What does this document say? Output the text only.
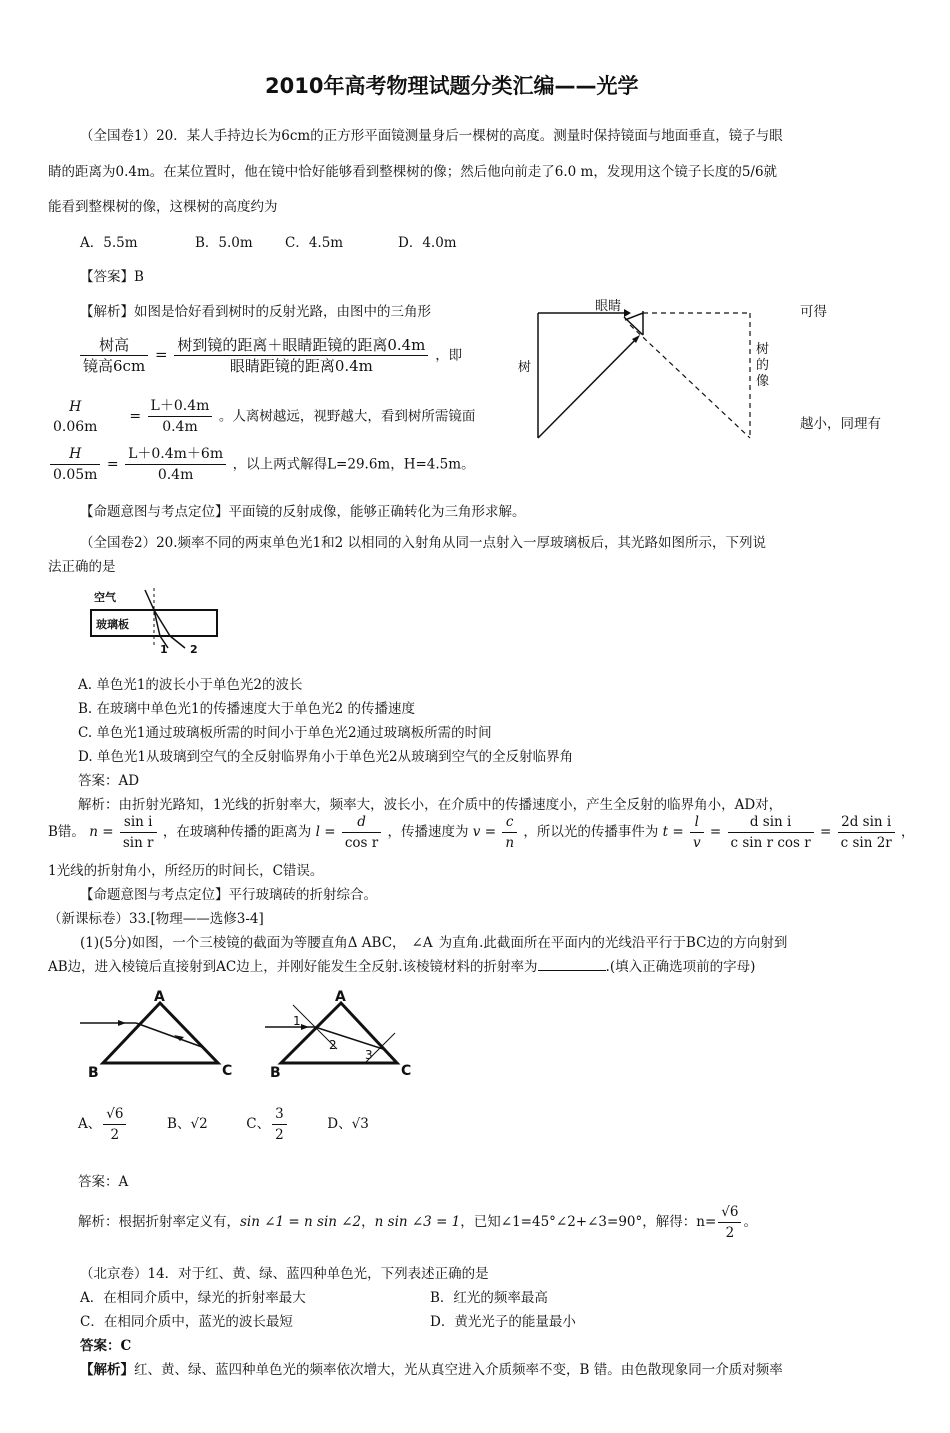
2010年高考物理试题分类汇编——光学
（全国卷1）20．某人手持边长为6cm的正方形平面镜测量身后一棵树的高度。测量时保持镜面与地面垂直，镜子与眼
睛的距离为0.4m。在某位置时，他在镜中恰好能够看到整棵树的像；然后他向前走了6.0 m，发现用这个镜子长度的5/6就
能看到整棵树的像，这棵树的高度约为
A．5.5m	B．5.0m C．4.5m	D．4.0m
【答案】B
【解析】如图是恰好看到树时的反射光路，由图中的三角形	可得
$\frac{\text{树高}}{\text{镜高6cm}} = \frac{\text{树到镜的距离＋眼睛距镜的距离0.4m}}{\text{眼睛距镜的距离0.4m}}$ ，即
H
0.06m
= $\frac{L+0.4m}{0.4m}$ 。人离树越远，视野越大，看到树所需镜面	越小，同理有
$\frac{H}{0.05m} = \frac{L+0.4m+6m}{0.4m}$ ，以上两式解得L=29.6m，H=4.5m。
【命题意图与考点定位】平面镜的反射成像，能够正确转化为三角形求解。
眼睛
树
树
的
像
（全国卷2）20.频率不同的两束单色光1和2 以相同的入射角从同一点射入一厚玻璃板后，其光路如图所示，下列说
法正确的是
空气
玻璃板
1 2
A. 单色光1的波长小于单色光2的波长
B. 在玻璃中单色光1的传播速度大于单色光2 的传播速度
C. 单色光1通过玻璃板所需的时间小于单色光2通过玻璃板所需的时间
D. 单色光1从玻璃到空气的全反射临界角小于单色光2从玻璃到空气的全反射临界角
答案：AD
解析：由折射光路知，1光线的折射率大，频率大，波长小，在介质中的传播速度小，产生全反射的临界角小，AD对，
B错。 $n = \frac{\text{sin i}}{\text{sin r}}$ ，在玻璃种传播的距离为 $l = \frac{d}{\text{cos r}}$ ，传播速度为 $v = \frac{c}{n}$ ，所以光的传播事件为 $t = \frac{l}{v} = \frac{\text{d sin i}}{\text{c sin r cos r}} = \frac{\text{2d sin i}}{\text{c sin 2r}}$ ，
1光线的折射角小，所经历的时间长，C错误。
【命题意图与考点定位】平行玻璃砖的折射综合。
（新课标卷）33.[物理——选修3-4]
(1)(5分)如图，一个三棱镜的截面为等腰直角Δ ABC， ∠A 为直角.此截面所在平面内的光线沿平行于BC边的方向射到
AB边，进入棱镜后直接射到AC边上，并刚好能发生全反射.该棱镜材料的折射率为	.(填入正确选项前的字母)
A
B	C
A
B	C
1
2
3
A、 $\frac{√6}{2}$	B、√2	C、 $\frac{3}{2}$	D、√3
答案：A
解析：根据折射率定义有，sin ∠1 = n sin ∠2，n sin ∠3 = 1，已知∠1=45°∠2+∠3=90°，解得：$n= \frac{√6}{2}$ 。
（北京卷）14．对于红、黄、绿、蓝四种单色光，下列表述正确的是
A．在相同介质中，绿光的折射率最大	B．红光的频率最高
C．在相同介质中，蓝光的波长最短	D．黄光光子的能量最小
答案：C
【解析】红、黄、绿、蓝四种单色光的频率依次增大，光从真空进入介质频率不变，B 错。由色散现象同一介质对频率
